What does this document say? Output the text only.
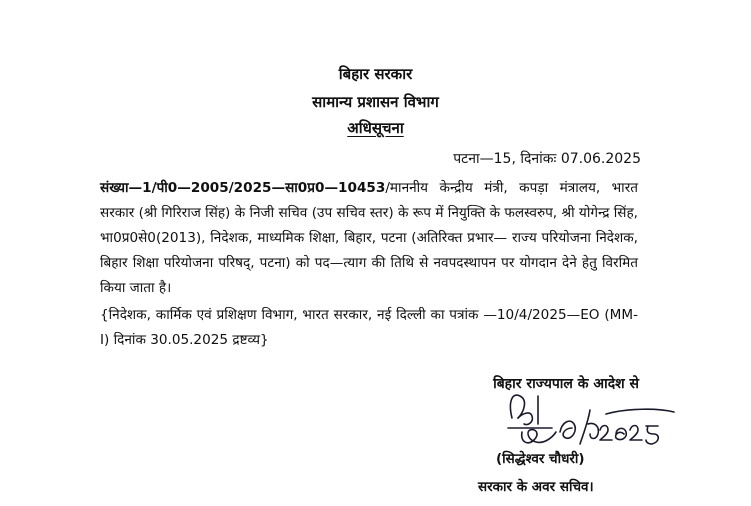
बिहार सरकार
सामान्य प्रशासन विभाग
अधिसूचना
पटना—15, दिनांकः 07.06.2025

संख्या—1/पी0—2005/2025—सा0प्र0—10453/माननीय केन्द्रीय मंत्री, कपड़ा मंत्रालय, भारत सरकार (श्री गिरिराज सिंह) के निजी सचिव (उप सचिव स्तर) के रूप में नियुक्ति के फलस्वरुप, श्री योगेन्द्र सिंह, भा0प्र0से0(2013), निदेशक, माध्यमिक शिक्षा, बिहार, पटना (अतिरिक्त प्रभार— राज्य परियोजना निदेशक, बिहार शिक्षा परियोजना परिषद्, पटना) को पद—त्याग की तिथि से नवपदस्थापन पर योगदान देने हेतु विरमित किया जाता है।

{निदेशक, कार्मिक एवं प्रशिक्षण विभाग, भारत सरकार, नई दिल्ली का पत्रांक —10/4/2025—EO (MM-I) दिनांक 30.05.2025 द्रष्टव्य}

बिहार राज्यपाल के आदेश से
(सिद्धेश्वर चौधरी)
सरकार के अवर सचिव।
